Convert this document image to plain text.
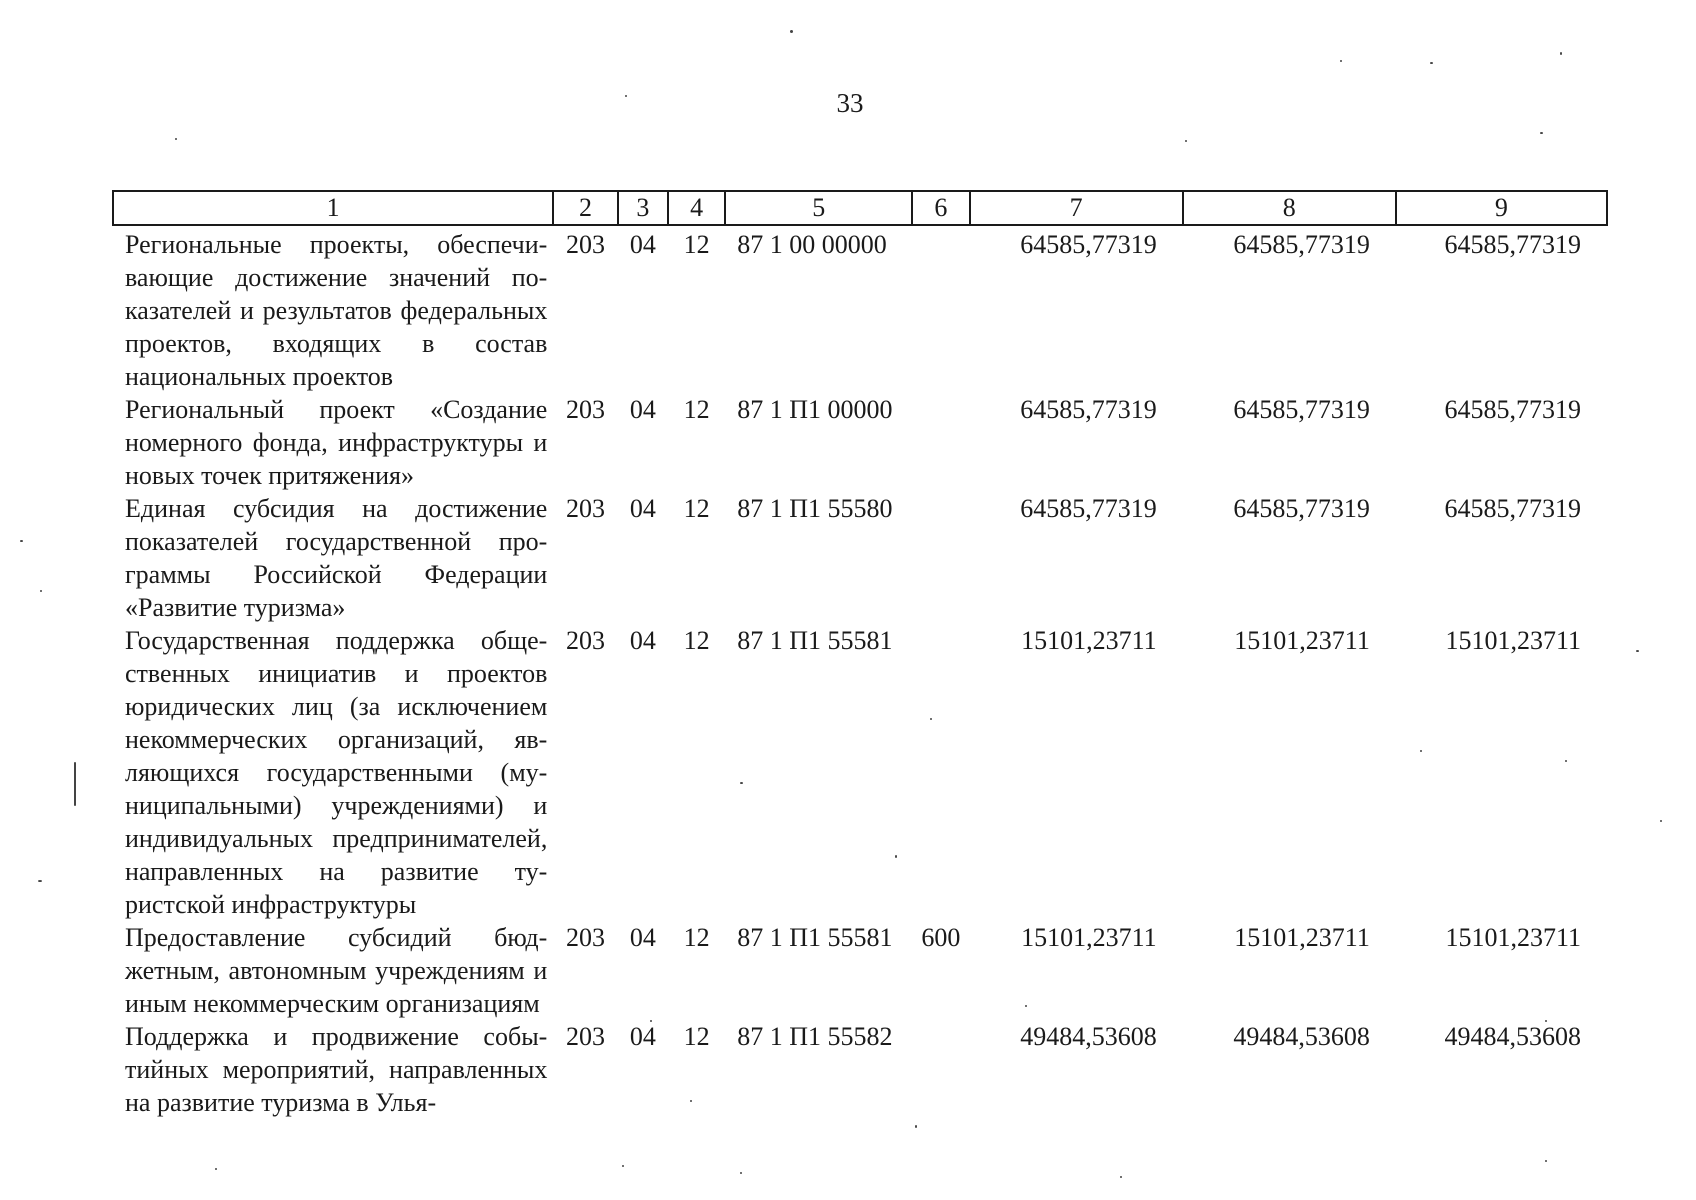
33
1	2	3	4	5	6	7	8	9
Региональные проекты, обеспечивающие достижение значений показателей и результатов федеральных проектов, входящих в состав национальных проектов	203	04	12	87 1 00 00000		64585,77319	64585,77319	64585,77319
Региональный проект «Создание номерного фонда, инфраструктуры и новых точек притяжения»	203	04	12	87 1 П1 00000		64585,77319	64585,77319	64585,77319
Единая субсидия на достижение показателей государственной программы Российской Федерации «Развитие туризма»	203	04	12	87 1 П1 55580		64585,77319	64585,77319	64585,77319
Государственная поддержка общественных инициатив и проектов юридических лиц (за исключением некоммерческих организаций, являющихся государственными (муниципальными) учреждениями) и индивидуальных предпринимателей, направленных на развитие туристской инфраструктуры	203	04	12	87 1 П1 55581		15101,23711	15101,23711	15101,23711
Предоставление субсидий бюджетным, автономным учреждениям и иным некоммерческим организациям	203	04	12	87 1 П1 55581	600	15101,23711	15101,23711	15101,23711
Поддержка и продвижение событийных мероприятий, направленных на развитие туризма в Улья-	203	04	12	87 1 П1 55582		49484,53608	49484,53608	49484,53608
